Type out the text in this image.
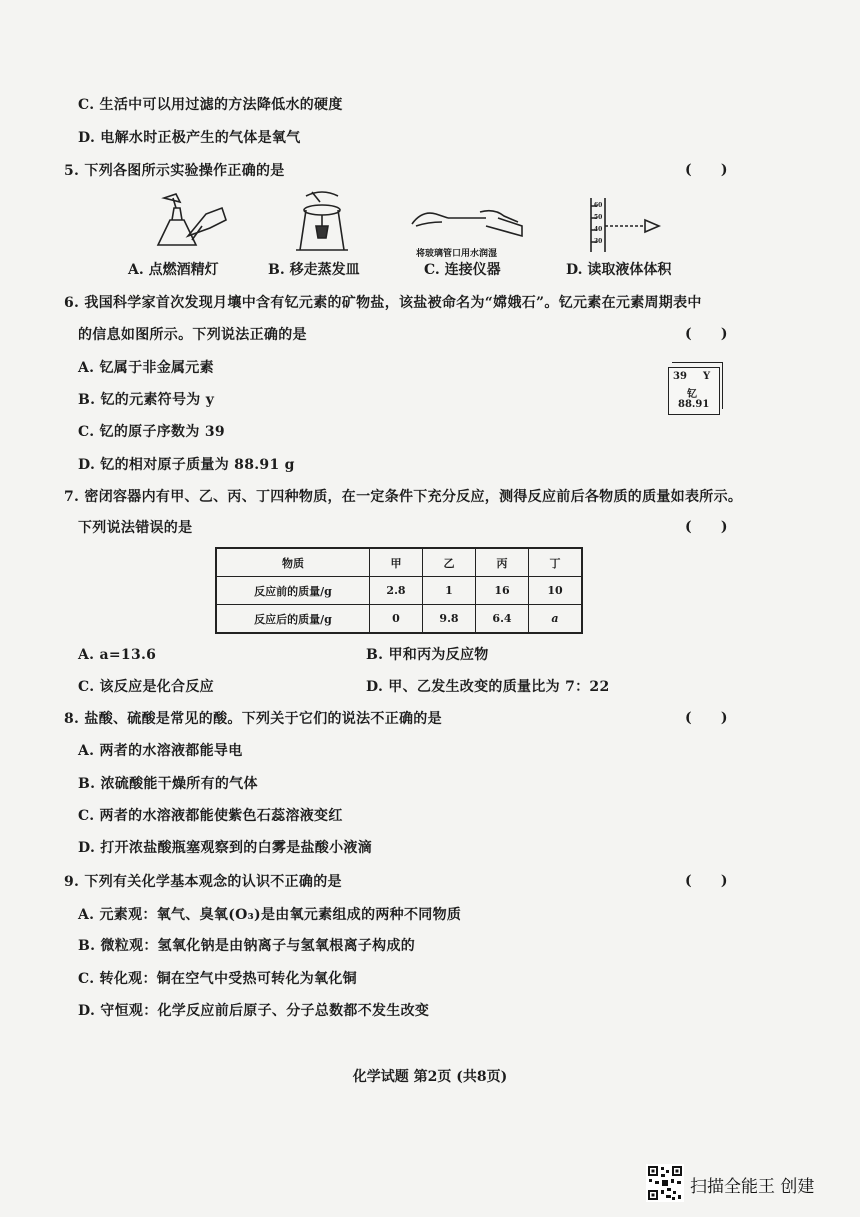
C. 生活中可以用过滤的方法降低水的硬度
D. 电解水时正极产生的气体是氧气
5. 下列各图所示实验操作正确的是	(      )
A. 点燃酒精灯	B. 移走蒸发皿
将玻璃管口用水润湿
C. 连接仪器
60
50
40
30
D. 读取液体体积
6. 我国科学家首次发现月壤中含有钇元素的矿物盐，该盐被命名为“嫦娥石”。钇元素在元素周期表中
的信息如图所示。下列说法正确的是	(      )
A. 钇属于非金属元素
B. 钇的元素符号为 y
C. 钇的原子序数为 39
D. 钇的相对原子质量为 88.91 g
39 Y
钇
88.91
7. 密闭容器内有甲、乙、丙、丁四种物质，在一定条件下充分反应，测得反应前后各物质的质量如表所示。
下列说法错误的是	(      )
物质	甲	乙	丙	丁
反应前的质量/g	2.8	1	16	10
反应后的质量/g	0	9.8	6.4	a
A. a=13.6	B. 甲和丙为反应物
C. 该反应是化合反应	D. 甲、乙发生改变的质量比为 7：22
8. 盐酸、硫酸是常见的酸。下列关于它们的说法不正确的是	(      )
A. 两者的水溶液都能导电
B. 浓硫酸能干燥所有的气体
C. 两者的水溶液都能使紫色石蕊溶液变红
D. 打开浓盐酸瓶塞观察到的白雾是盐酸小液滴
9. 下列有关化学基本观念的认识不正确的是	(      )
A. 元素观：氧气、臭氧(O₃)是由氧元素组成的两种不同物质
B. 微粒观：氢氧化钠是由钠离子与氢氧根离子构成的
C. 转化观：铜在空气中受热可转化为氧化铜
D. 守恒观：化学反应前后原子、分子总数都不发生改变
化学试题 第2页 (共8页)
扫描全能王 创建
